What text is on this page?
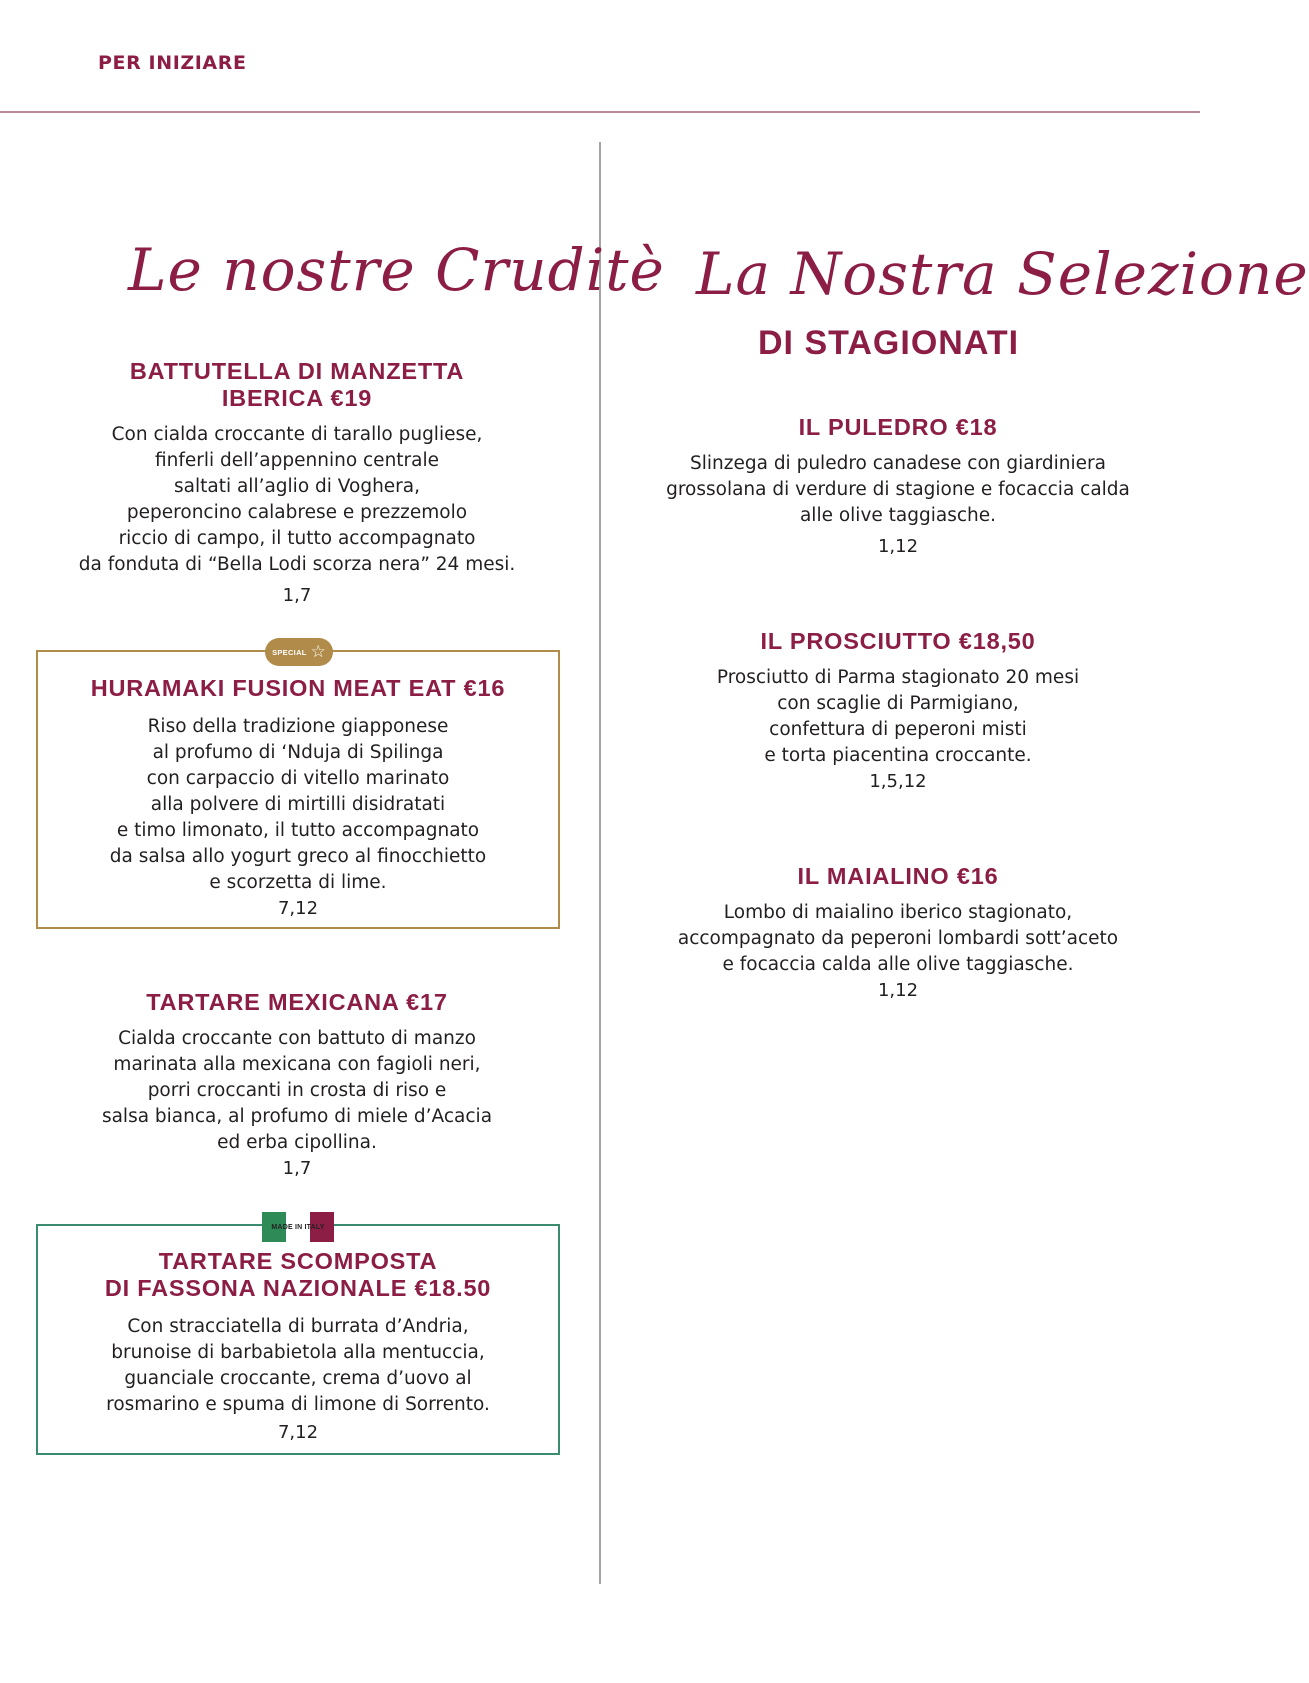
PER INIZIARE
Le nostre Cruditè
BATTUTELLA DI MANZETTA
IBERICA €19
Con cialda croccante di tarallo pugliese,
finferli dell’appennino centrale
saltati all’aglio di Voghera,
peperoncino calabrese e prezzemolo
riccio di campo, il tutto accompagnato
da fonduta di “Bella Lodi scorza nera” 24 mesi.
1,7
SPECIAL ☆
HURAMAKI FUSION MEAT EAT €16
Riso della tradizione giapponese
al profumo di ‘Nduja di Spilinga
con carpaccio di vitello marinato
alla polvere di mirtilli disidratati
e timo limonato, il tutto accompagnato
da salsa allo yogurt greco al finocchietto
e scorzetta di lime.
7,12
TARTARE MEXICANA €17
Cialda croccante con battuto di manzo
marinata alla mexicana con fagioli neri,
porri croccanti in crosta di riso e
salsa bianca, al profumo di miele d’Acacia
ed erba cipollina.
1,7
MADE IN ITALY
TARTARE SCOMPOSTA
DI FASSONA NAZIONALE €18.50
Con stracciatella di burrata d’Andria,
brunoise di barbabietola alla mentuccia,
guanciale croccante, crema d’uovo al
rosmarino e spuma di limone di Sorrento.
7,12
La Nostra Selezione
DI STAGIONATI
IL PULEDRO €18
Slinzega di puledro canadese con giardiniera
grossolana di verdure di stagione e focaccia calda
alle olive taggiasche.
1,12
IL PROSCIUTTO €18,50
Prosciutto di Parma stagionato 20 mesi
con scaglie di Parmigiano,
confettura di peperoni misti
e torta piacentina croccante.
1,5,12
IL MAIALINO €16
Lombo di maialino iberico stagionato,
accompagnato da peperoni lombardi sott’aceto
e focaccia calda alle olive taggiasche.
1,12
